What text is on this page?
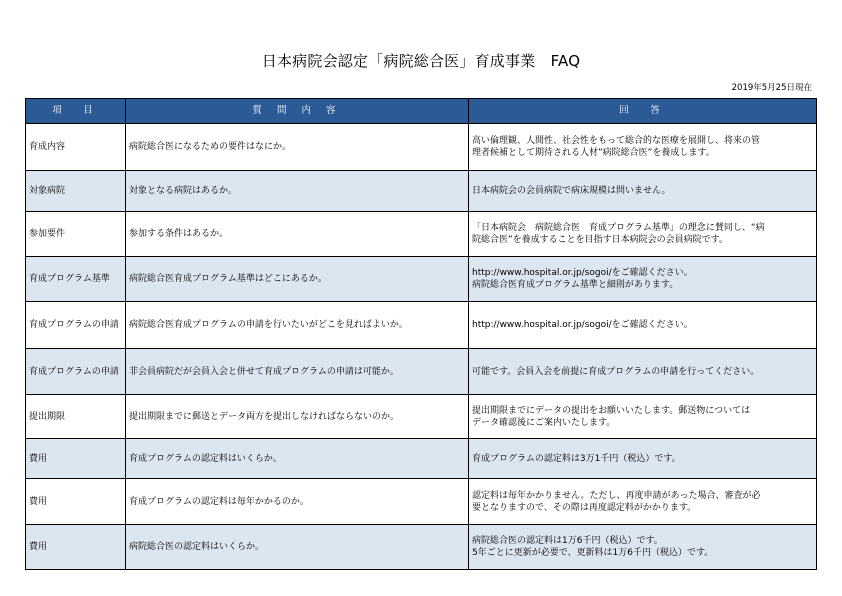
日本病院会認定「病院総合医」育成事業　FAQ
2019年5月25日現在
項　目	質 問 内 容	回　答
育成内容	病院総合医になるための要件はなにか。	高い倫理観、人間性、社会性をもって総合的な医療を展開し、将来の管
理者候補として期待される人材”病院総合医”を養成します。

対象病院	対象となる病院はあるか。	日本病院会の会員病院で病床規模は問いません。

参加要件	参加する条件はあるか。	「日本病院会　病院総合医　育成プログラム基準」の理念に賛同し、“病
院総合医”を養成することを目指す日本病院会の会員病院です。

育成プログラム基準	病院総合医育成プログラム基準はどこにあるか。	http://www.hospital.or.jp/sogoi/をご確認ください。
病院総合医育成プログラム基準と細則があります。

育成プログラムの申請	病院総合医育成プログラムの申請を行いたいがどこを見ればよいか。	http://www.hospital.or.jp/sogoi/をご確認ください。

育成プログラムの申請	非会員病院だが会員入会と併せて育成プログラムの申請は可能か。	可能です。会員入会を前提に育成プログラムの申請を行ってください。

提出期限	提出期限までに郵送とデータ両方を提出しなければならないのか。	提出期限までにデータの提出をお願いいたします。郵送物については
データ確認後にご案内いたします。

費用	育成プログラムの認定料はいくらか。	育成プログラムの認定料は3万1千円（税込）です。

費用	育成プログラムの認定料は毎年かかるのか。	認定料は毎年かかりません。ただし、再度申請があった場合、審査が必
要となりますので、その際は再度認定料がかかります。

費用	病院総合医の認定料はいくらか。	病院総合医の認定料は1万6千円（税込）です。
5年ごとに更新が必要で、更新料は1万6千円（税込）です。
